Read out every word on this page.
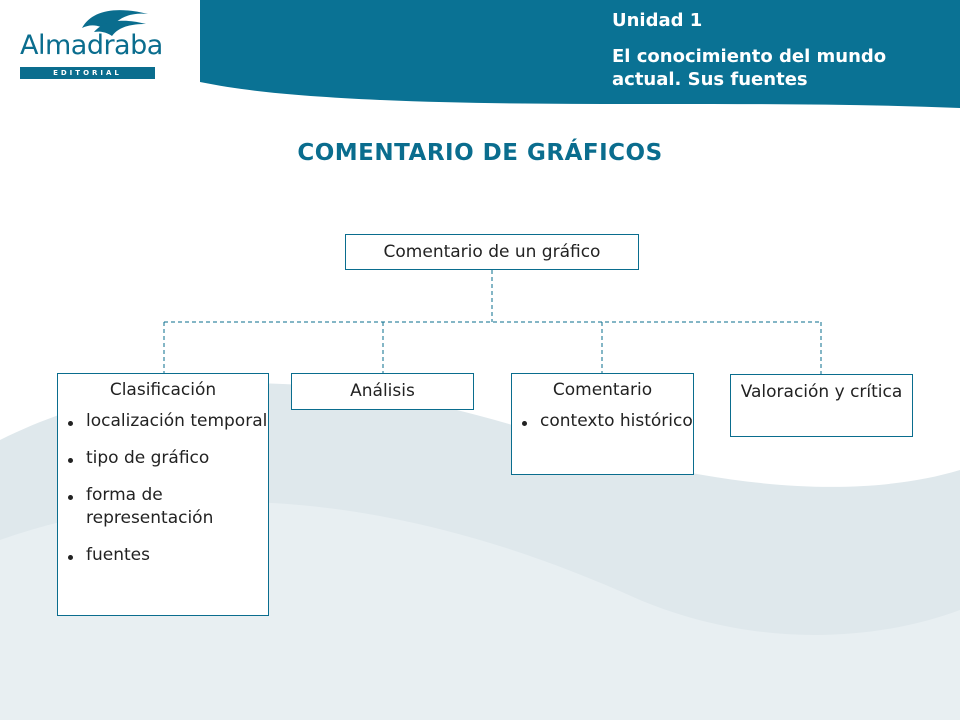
Almadraba
EDITORIAL

Unidad 1

El conocimiento del mundo actual. Sus fuentes

COMENTARIO DE GRÁFICOS
Comentario de un gráfico
Clasificación
localización temporal
tipo de gráfico
forma de representación
fuentes
Análisis	Comentario
contexto histórico
Valoración y crítica
